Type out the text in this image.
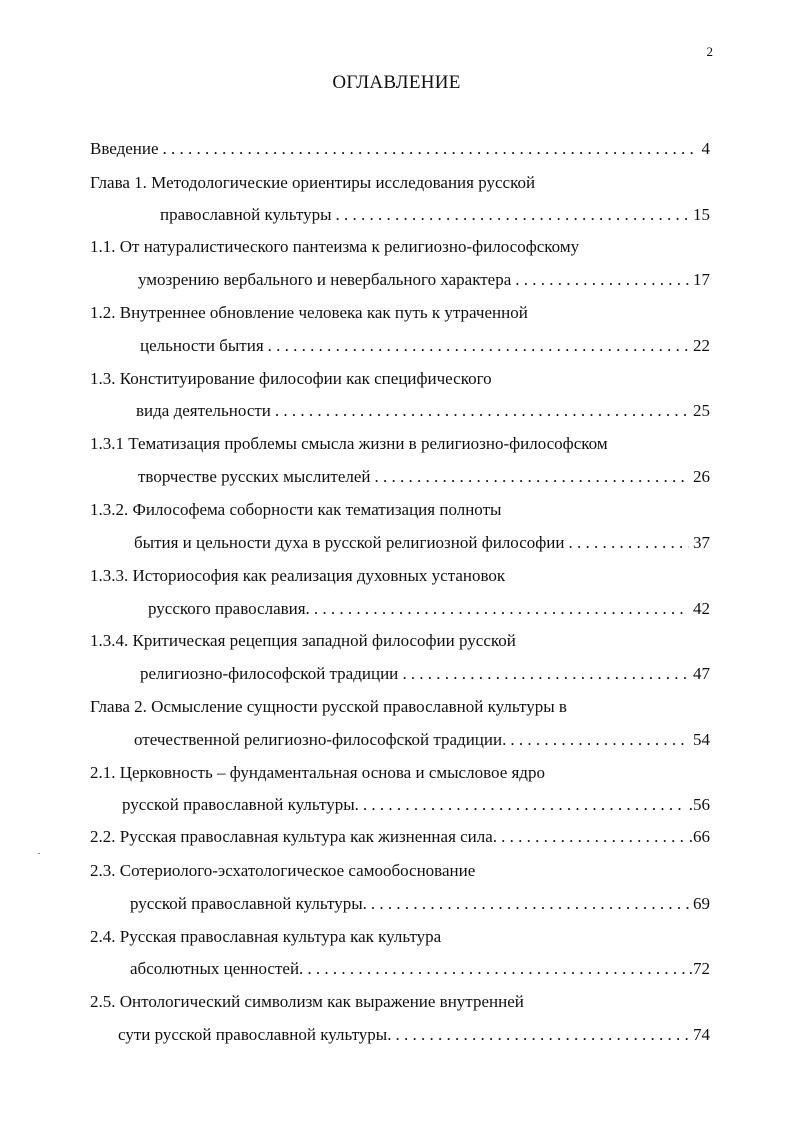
2
ОГЛАВЛЕНИЕ
Введение . . .	4
Глава 1. Методологические ориентиры исследования русской
православной культуры . . .	15
1.1. От натуралистического пантеизма к религиозно-философскому
умозрению вербального и невербального характера . . .	17
1.2. Внутреннее обновление человека как путь к утраченной
цельности бытия . . .	22
1.3. Конституирование философии как специфического
вида деятельности . . .	25
1.3.1 Тематизация проблемы смысла жизни в религиозно-философском
творчестве русских мыслителей . . .	26
1.3.2. Философема соборности как тематизация полноты
бытия и цельности духа в русской религиозной философии . . .	37
1.3.3. Историософия как реализация духовных установок
русского православия. . . .	42
1.3.4. Критическая рецепция западной философии русской
религиозно-философской традиции . . . .	47
Глава 2. Осмысление сущности русской православной культуры в
отечественной религиозно-философской традиции. . . .	54
2.1. Церковность – фундаментальная основа и смысловое ядро
русской православной культуры. . . .	.56
2.2. Русская православная культура как жизненная сила. . . .	.66
2.3. Сотериолого-эсхатологическое самообоснование
русской православной культуры. . . .	69
2.4. Русская православная культура как культура
абсолютных ценностей. . . .	.72
2.5. Онтологический символизм как выражение внутренней
сути русской православной культуры. . . .	74
